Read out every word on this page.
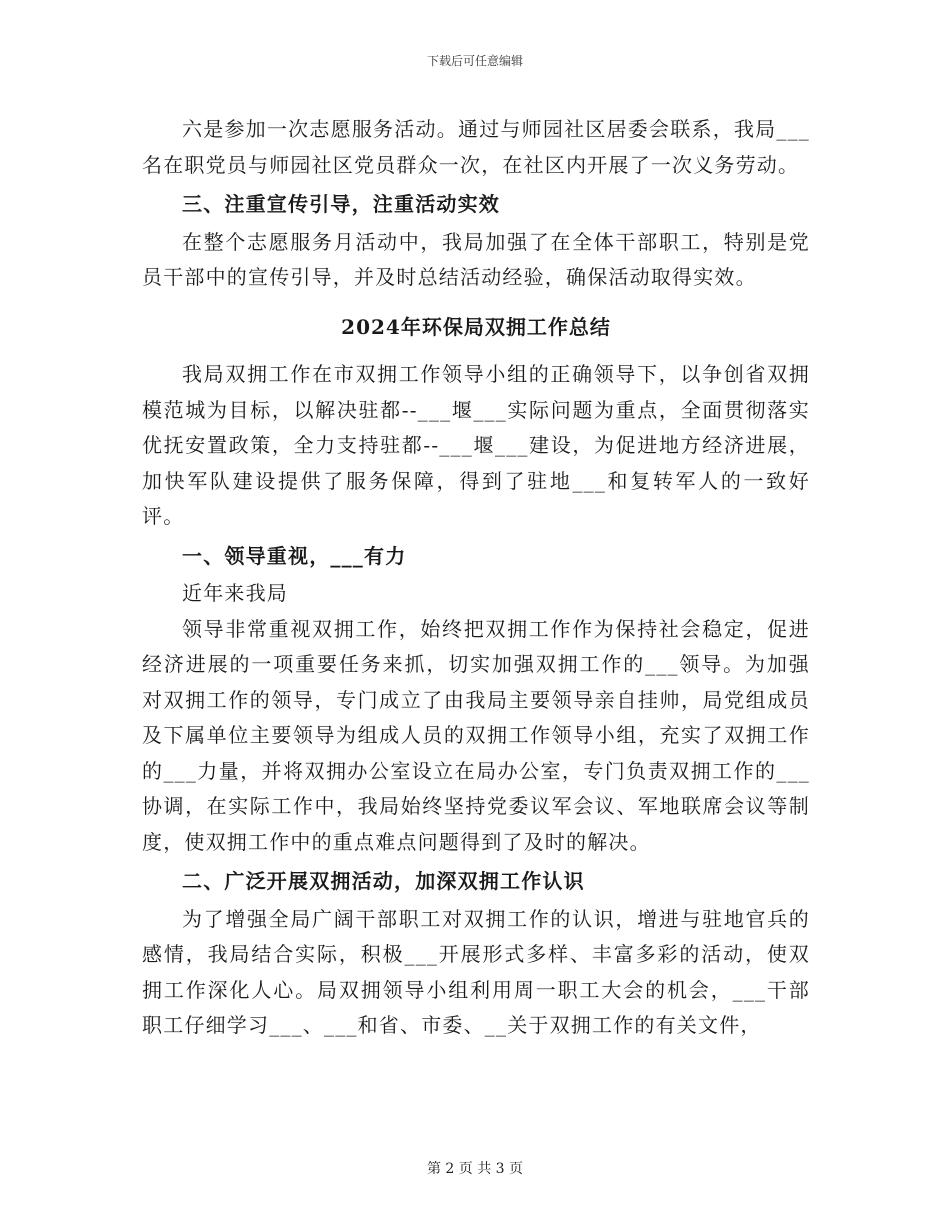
下载后可任意编辑

六是参加一次志愿服务活动。通过与师园社区居委会联系，我局___名在职党员与师园社区党员群众一次，在社区内开展了一次义务劳动。

三、注重宣传引导，注重活动实效

在整个志愿服务月活动中，我局加强了在全体干部职工，特别是党员干部中的宣传引导，并及时总结活动经验，确保活动取得实效。

2024年环保局双拥工作总结

我局双拥工作在市双拥工作领导小组的正确领导下，以争创省双拥模范城为目标，以解决驻都--___堰___实际问题为重点，全面贯彻落实优抚安置政策，全力支持驻都--___堰___建设，为促进地方经济进展，加快军队建设提供了服务保障，得到了驻地___和复转军人的一致好评。

一、领导重视，___有力

近年来我局

领导非常重视双拥工作，始终把双拥工作作为保持社会稳定，促进经济进展的一项重要任务来抓，切实加强双拥工作的___领导。为加强对双拥工作的领导，专门成立了由我局主要领导亲自挂帅，局党组成员及下属单位主要领导为组成人员的双拥工作领导小组，充实了双拥工作的___力量，并将双拥办公室设立在局办公室，专门负责双拥工作的___协调，在实际工作中，我局始终坚持党委议军会议、军地联席会议等制度，使双拥工作中的重点难点问题得到了及时的解决。

二、广泛开展双拥活动，加深双拥工作认识

为了增强全局广阔干部职工对双拥工作的认识，增进与驻地官兵的感情，我局结合实际，积极___开展形式多样、丰富多彩的活动，使双拥工作深化人心。局双拥领导小组利用周一职工大会的机会，___干部职工仔细学习___、___和省、市委、__关于双拥工作的有关文件，

第 2 页 共 3 页
